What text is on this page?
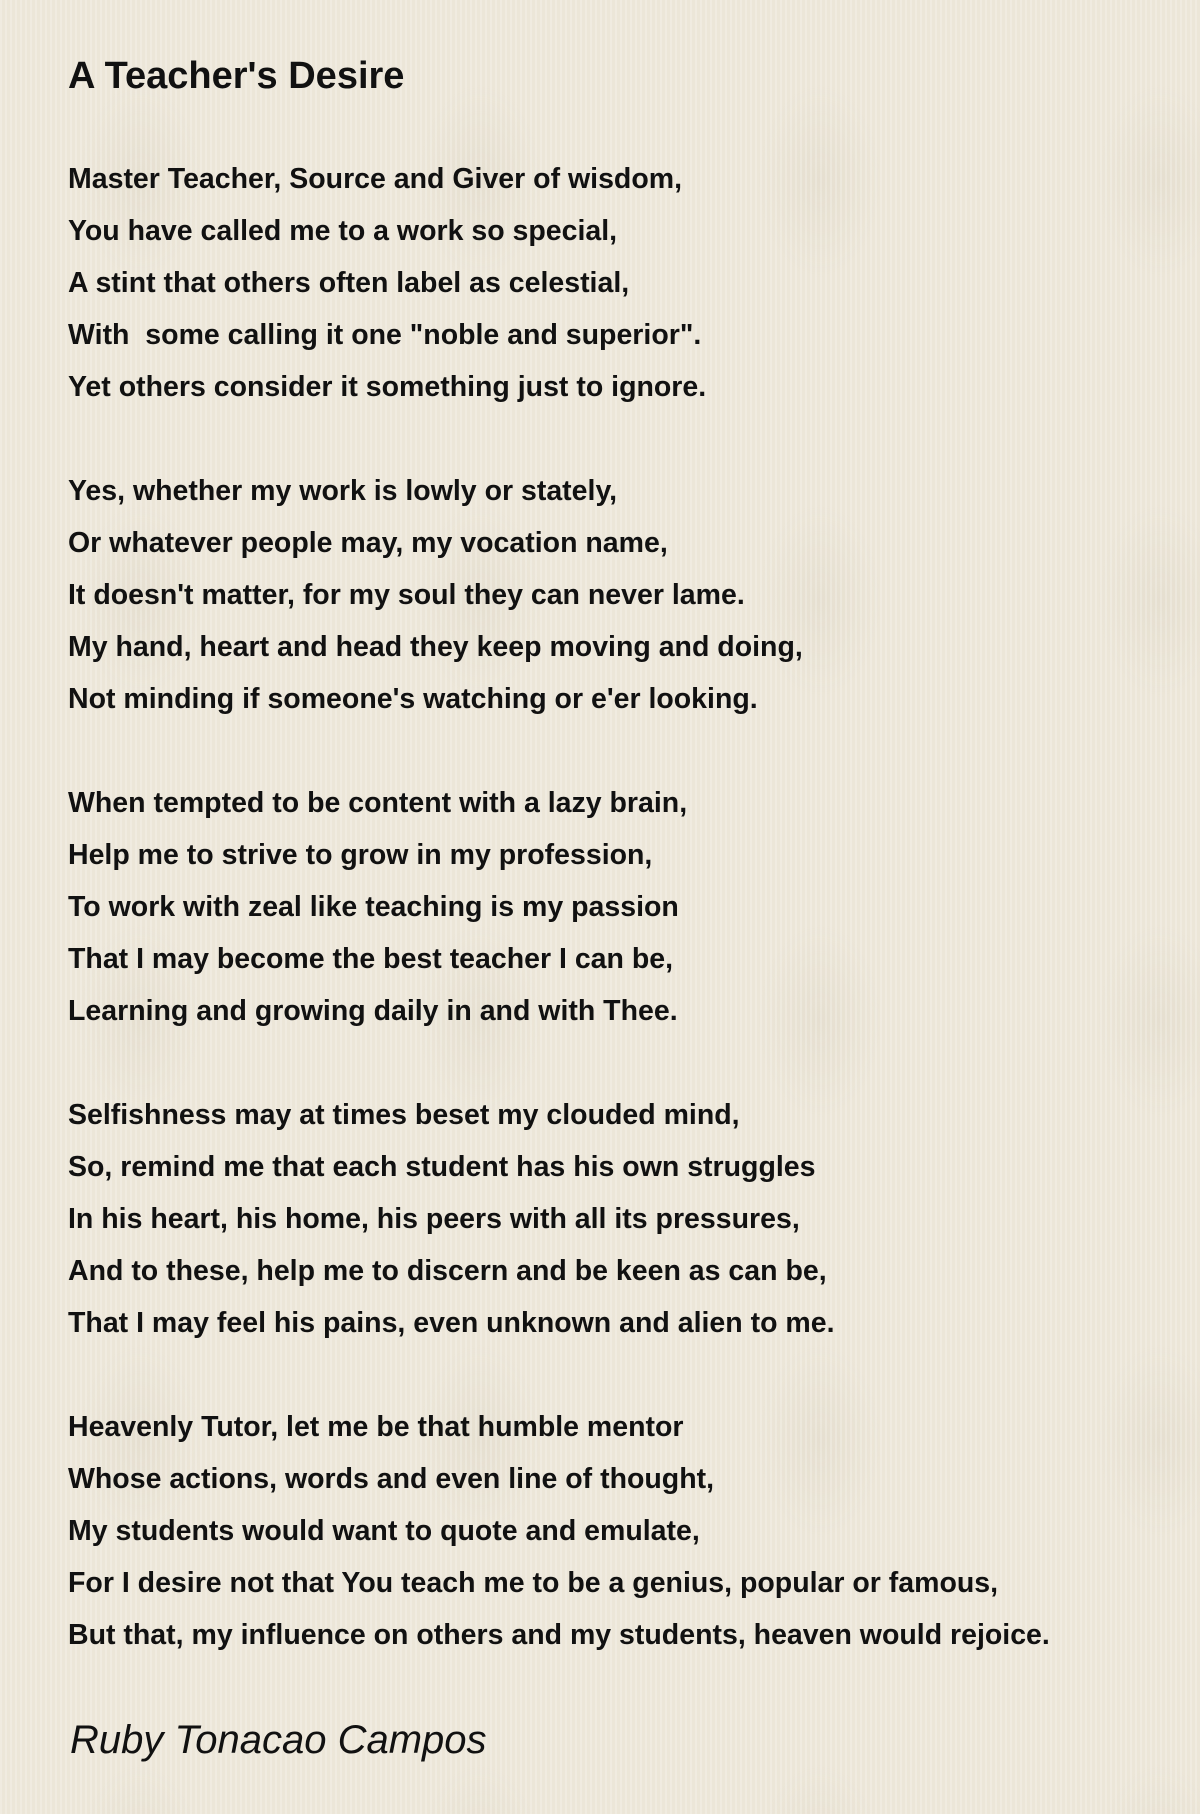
A Teacher's Desire
Master Teacher, Source and Giver of wisdom,
You have called me to a work so special,
A stint that others often label as celestial,
With  some calling it one "noble and superior".
Yet others consider it something just to ignore.
Yes, whether my work is lowly or stately,
Or whatever people may, my vocation name,
It doesn't matter, for my soul they can never lame.
My hand, heart and head they keep moving and doing,
Not minding if someone's watching or e'er looking.
When tempted to be content with a lazy brain,
Help me to strive to grow in my profession,
To work with zeal like teaching is my passion
That I may become the best teacher I can be,
Learning and growing daily in and with Thee.
Selfishness may at times beset my clouded mind,
So, remind me that each student has his own struggles
In his heart, his home, his peers with all its pressures,
And to these, help me to discern and be keen as can be,
That I may feel his pains, even unknown and alien to me.
Heavenly Tutor, let me be that humble mentor
Whose actions, words and even line of thought,
My students would want to quote and emulate,
For I desire not that You teach me to be a genius, popular or famous,
But that, my influence on others and my students, heaven would rejoice.

Ruby Tonacao Campos
